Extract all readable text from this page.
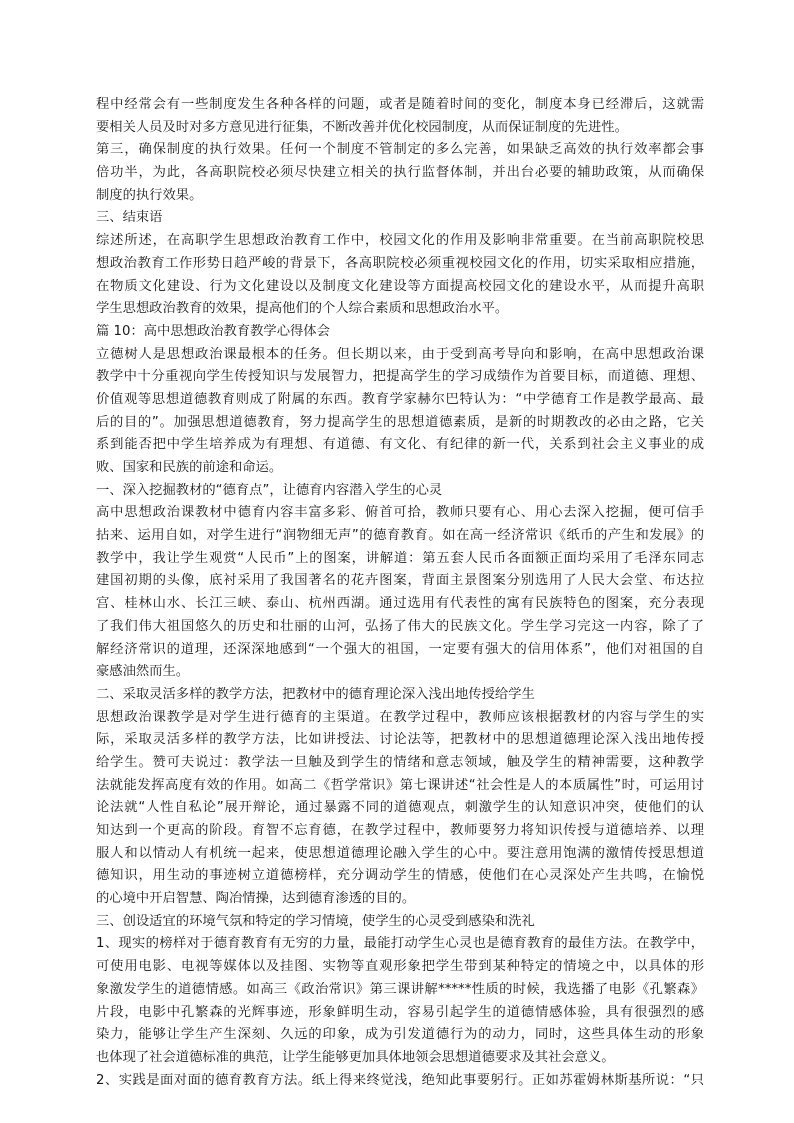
程中经常会有一些制度发生各种各样的问题，或者是随着时间的变化，制度本身已经滞后，这就需
要相关人员及时对多方意见进行征集，不断改善并优化校园制度，从而保证制度的先进性。
第三，确保制度的执行效果。任何一个制度不管制定的多么完善，如果缺乏高效的执行效率都会事
倍功半，为此，各高职院校必须尽快建立相关的执行监督体制，并出台必要的辅助政策，从而确保
制度的执行效果。
三、结束语
综述所述，在高职学生思想政治教育工作中，校园文化的作用及影响非常重要。在当前高职院校思
想政治教育工作形势日趋严峻的背景下，各高职院校必须重视校园文化的作用，切实采取相应措施，
在物质文化建设、行为文化建设以及制度文化建设等方面提高校园文化的建设水平，从而提升高职
学生思想政治教育的效果，提高他们的个人综合素质和思想政治水平。
篇 10：高中思想政治教育教学心得体会
立德树人是思想政治课最根本的任务。但长期以来，由于受到高考导向和影响，在高中思想政治课
教学中十分重视向学生传授知识与发展智力，把提高学生的学习成绩作为首要目标，而道德、理想、
价值观等思想道德教育则成了附属的东西。教育学家赫尔巴特认为：“中学德育工作是教学最高、最
后的目的”。加强思想道德教育，努力提高学生的思想道德素质，是新的时期教改的必由之路，它关
系到能否把中学生培养成为有理想、有道德、有文化、有纪律的新一代，关系到社会主义事业的成
败、国家和民族的前途和命运。
一、深入挖掘教材的“德育点”，让德育内容潜入学生的心灵
高中思想政治课教材中德育内容丰富多彩、俯首可拾，教师只要有心、用心去深入挖掘，便可信手
拈来、运用自如，对学生进行“润物细无声”的德育教育。如在高一经济常识《纸币的产生和发展》的
教学中，我让学生观赏“人民币”上的图案，讲解道：第五套人民币各面额正面均采用了毛泽东同志
建国初期的头像，底衬采用了我国著名的花卉图案，背面主景图案分别选用了人民大会堂、布达拉
宫、桂林山水、长江三峡、泰山、杭州西湖。通过选用有代表性的寓有民族特色的图案，充分表现
了我们伟大祖国悠久的历史和壮丽的山河，弘扬了伟大的民族文化。学生学习完这一内容，除了了
解经济常识的道理，还深深地感到“一个强大的祖国，一定要有强大的信用体系”，他们对祖国的自
豪感油然而生。
二、采取灵活多样的教学方法，把教材中的德育理论深入浅出地传授给学生
思想政治课教学是对学生进行德育的主渠道。在教学过程中，教师应该根据教材的内容与学生的实
际，采取灵活多样的教学方法，比如讲授法、讨论法等，把教材中的思想道德理论深入浅出地传授
给学生。赞可夫说过：教学法一旦触及到学生的情绪和意志领域，触及学生的精神需要，这种教学
法就能发挥高度有效的作用。如高二《哲学常识》第七课讲述“社会性是人的本质属性”时，可运用讨
论法就“人性自私论”展开辩论，通过暴露不同的道德观点，刺激学生的认知意识冲突，使他们的认
知达到一个更高的阶段。育智不忘育德，在教学过程中，教师要努力将知识传授与道德培养、以理
服人和以情动人有机统一起来，使思想道德理论融入学生的心中。要注意用饱满的激情传授思想道
德知识，用生动的事迹树立道德榜样，充分调动学生的情感，使他们在心灵深处产生共鸣，在愉悦
的心境中开启智慧、陶冶情操，达到德育渗透的目的。
三、创设适宜的环境气氛和特定的学习情境，使学生的心灵受到感染和洗礼
1、现实的榜样对于德育教育有无穷的力量，最能打动学生心灵也是德育教育的最佳方法。在教学中，
可使用电影、电视等媒体以及挂图、实物等直观形象把学生带到某种特定的情境之中，以具体的形
象激发学生的道德情感。如高三《政治常识》第三课讲解*****性质的时候，我选播了电影《孔繁森》
片段，电影中孔繁森的光辉事迹，形象鲜明生动，容易引起学生的道德情感体验，具有很强烈的感
染力，能够让学生产生深刻、久远的印象，成为引发道德行为的动力，同时，这些具体生动的形象
也体现了社会道德标准的典范，让学生能够更加具体地领会思想道德要求及其社会意义。
2、实践是面对面的德育教育方法。纸上得来终觉浅，绝知此事要躬行。正如苏霍姆林斯基所说：“只
